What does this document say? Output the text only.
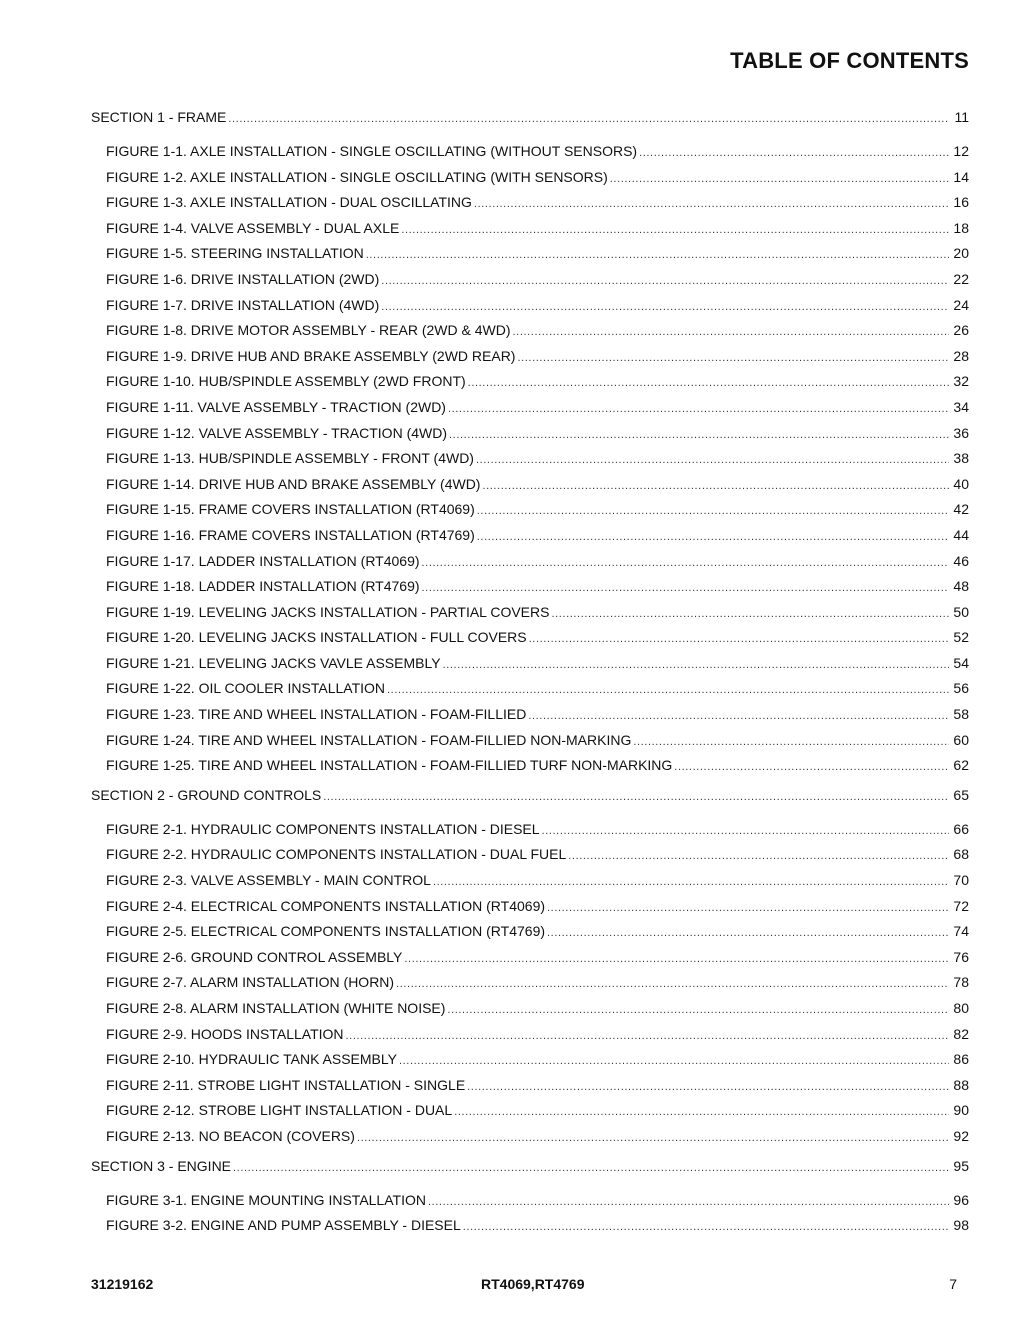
TABLE OF CONTENTS
SECTION 1 - FRAME .....	11
FIGURE 1-1. AXLE INSTALLATION - SINGLE OSCILLATING (WITHOUT SENSORS) .....	12
FIGURE 1-2. AXLE INSTALLATION - SINGLE OSCILLATING (WITH SENSORS) .....	14
FIGURE 1-3. AXLE INSTALLATION - DUAL OSCILLATING .....	16
FIGURE 1-4. VALVE ASSEMBLY - DUAL AXLE .....	18
FIGURE 1-5. STEERING INSTALLATION .....	20
FIGURE 1-6. DRIVE INSTALLATION (2WD) .....	22
FIGURE 1-7. DRIVE INSTALLATION (4WD) .....	24
FIGURE 1-8. DRIVE MOTOR ASSEMBLY - REAR (2WD & 4WD) .....	26
FIGURE 1-9. DRIVE HUB AND BRAKE ASSEMBLY (2WD REAR) .....	28
FIGURE 1-10. HUB/SPINDLE ASSEMBLY (2WD FRONT) .....	32
FIGURE 1-11. VALVE ASSEMBLY - TRACTION (2WD) .....	34
FIGURE 1-12. VALVE ASSEMBLY - TRACTION (4WD) .....	36
FIGURE 1-13. HUB/SPINDLE ASSEMBLY - FRONT (4WD) .....	38
FIGURE 1-14. DRIVE HUB AND BRAKE ASSEMBLY (4WD) .....	40
FIGURE 1-15. FRAME COVERS INSTALLATION (RT4069) .....	42
FIGURE 1-16. FRAME COVERS INSTALLATION (RT4769) .....	44
FIGURE 1-17. LADDER INSTALLATION (RT4069) .....	46
FIGURE 1-18. LADDER INSTALLATION (RT4769) .....	48
FIGURE 1-19. LEVELING JACKS INSTALLATION - PARTIAL COVERS .....	50
FIGURE 1-20. LEVELING JACKS INSTALLATION - FULL COVERS .....	52
FIGURE 1-21. LEVELING JACKS VAVLE ASSEMBLY .....	54
FIGURE 1-22. OIL COOLER INSTALLATION .....	56
FIGURE 1-23. TIRE AND WHEEL INSTALLATION - FOAM-FILLIED .....	58
FIGURE 1-24. TIRE AND WHEEL INSTALLATION - FOAM-FILLIED NON-MARKING .....	60
FIGURE 1-25. TIRE AND WHEEL INSTALLATION - FOAM-FILLIED TURF NON-MARKING .....	62
SECTION 2 - GROUND CONTROLS .....	65
FIGURE 2-1. HYDRAULIC COMPONENTS INSTALLATION - DIESEL .....	66
FIGURE 2-2. HYDRAULIC COMPONENTS INSTALLATION - DUAL FUEL .....	68
FIGURE 2-3. VALVE ASSEMBLY - MAIN CONTROL .....	70
FIGURE 2-4. ELECTRICAL COMPONENTS INSTALLATION (RT4069) .....	72
FIGURE 2-5. ELECTRICAL COMPONENTS INSTALLATION (RT4769) .....	74
FIGURE 2-6. GROUND CONTROL ASSEMBLY .....	76
FIGURE 2-7. ALARM INSTALLATION (HORN) .....	78
FIGURE 2-8. ALARM INSTALLATION (WHITE NOISE) .....	80
FIGURE 2-9. HOODS INSTALLATION .....	82
FIGURE 2-10. HYDRAULIC TANK ASSEMBLY .....	86
FIGURE 2-11. STROBE LIGHT INSTALLATION - SINGLE .....	88
FIGURE 2-12. STROBE LIGHT INSTALLATION - DUAL .....	90
FIGURE 2-13. NO BEACON (COVERS) .....	92
SECTION 3 - ENGINE .....	95
FIGURE 3-1. ENGINE MOUNTING INSTALLATION .....	96
FIGURE 3-2. ENGINE AND PUMP ASSEMBLY - DIESEL .....	98
31219162	RT4069,RT4769	7
